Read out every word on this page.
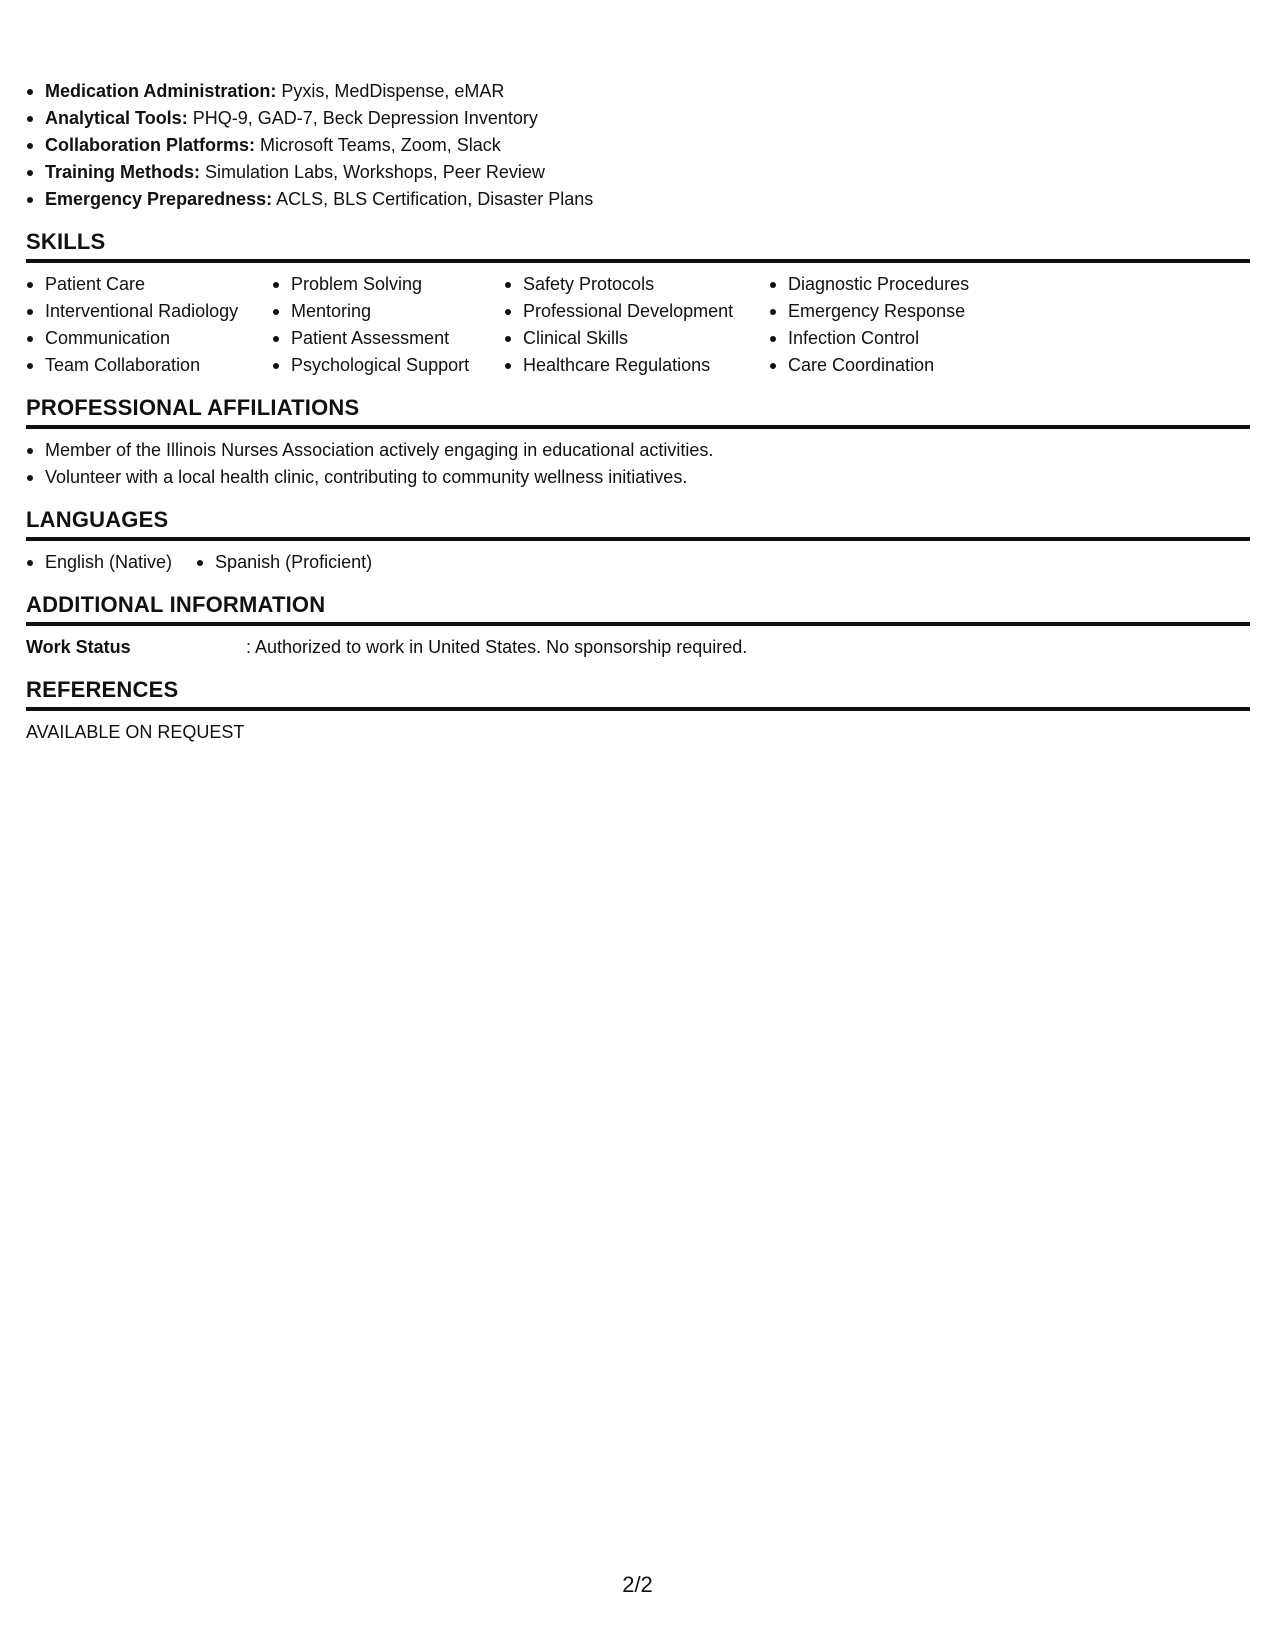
Medication Administration: Pyxis, MedDispense, eMAR
Analytical Tools: PHQ-9, GAD-7, Beck Depression Inventory
Collaboration Platforms: Microsoft Teams, Zoom, Slack
Training Methods: Simulation Labs, Workshops, Peer Review
Emergency Preparedness: ACLS, BLS Certification, Disaster Plans
SKILLS
Patient Care
Interventional Radiology
Communication
Team Collaboration
Problem Solving
Mentoring
Patient Assessment
Psychological Support
Safety Protocols
Professional Development
Clinical Skills
Healthcare Regulations
Diagnostic Procedures
Emergency Response
Infection Control
Care Coordination
PROFESSIONAL AFFILIATIONS
Member of the Illinois Nurses Association actively engaging in educational activities.
Volunteer with a local health clinic, contributing to community wellness initiatives.
LANGUAGES
English (Native)	Spanish (Proficient)
ADDITIONAL INFORMATION
Work Status	: Authorized to work in United States. No sponsorship required.
REFERENCES
AVAILABLE ON REQUEST
2/2
